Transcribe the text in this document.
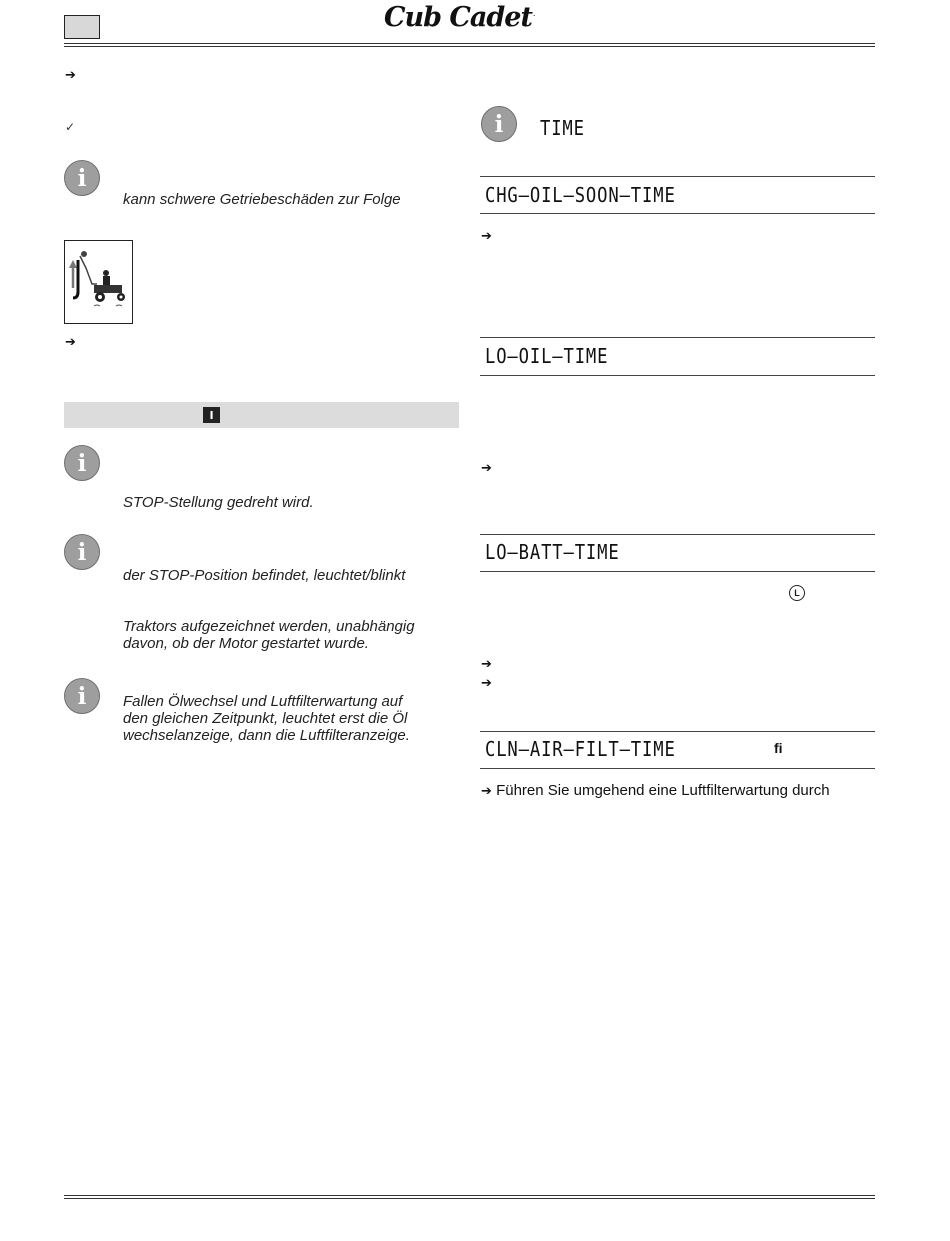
Cub Cadet.
➔
✓
i
kann schwere Getriebeschäden zur Folge
➔
I
i
STOP-Stellung gedreht wird.
i
der STOP-Position befindet, leuchtet/blinkt
Traktors aufgezeichnet werden, unabhängig
davon, ob der Motor gestartet wurde.
i	Fallen Ölwechsel und Luftfilterwartung auf
den gleichen Zeitpunkt, leuchtet erst die Öl
wechselanzeige, dann die Luftfilteranzeige.
i	TIME
CHG–OIL–SOON–TIME
➔
LO–OIL–TIME
➔
LO–BATT–TIME
L
➔
➔
CLN–AIR–FILT–TIME	fi
➔ Führen Sie umgehend eine Luftfilterwartung durch
